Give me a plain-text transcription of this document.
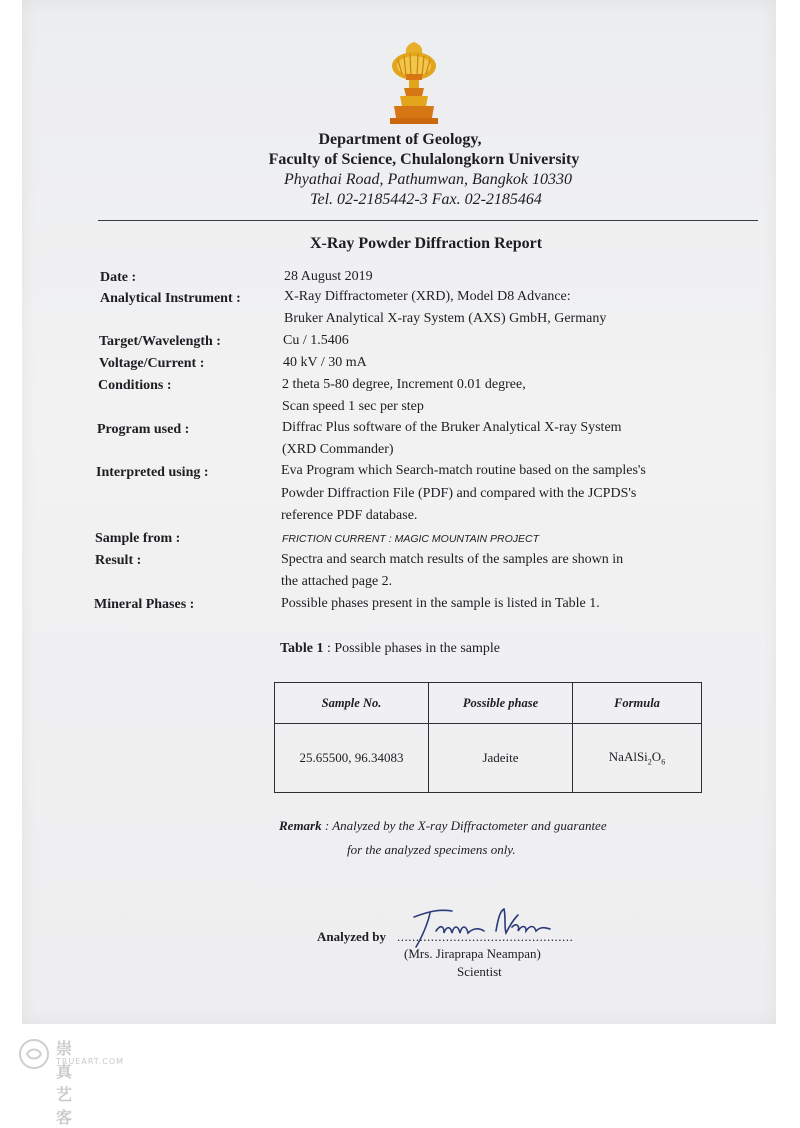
Department of Geology,
Faculty of Science, Chulalongkorn University
Phyathai Road, Pathumwan, Bangkok 10330
Tel. 02-2185442-3 Fax. 02-2185464
X-Ray Powder Diffraction Report
Date :	28 August 2019
Analytical Instrument :	X-Ray Diffractometer (XRD), Model D8 Advance:
Bruker Analytical X-ray System (AXS) GmbH, Germany
Target/Wavelength :	Cu / 1.5406
Voltage/Current :	40 kV / 30 mA
Conditions :	2 theta 5-80 degree, Increment 0.01 degree,
Scan speed 1 sec per step
Program used :	Diffrac Plus software of the Bruker Analytical X-ray System
(XRD Commander)
Interpreted using :	Eva Program which Search-match routine based on the samples's
Powder Diffraction File (PDF) and compared with the JCPDS's
reference PDF database.
Sample from :	FRICTION CURRENT : MAGIC MOUNTAIN PROJECT
Result :	Spectra and search match results of the samples are shown in
the attached page 2.
Mineral Phases :	Possible phases present in the sample is listed in Table 1.
Table 1 : Possible phases in the sample
Sample No.	Possible phase	Formula
25.65500, 96.34083	Jadeite	$NaAlSi_2O_6$
Remark : Analyzed by the X-ray Diffractometer and guarantee
for the analyzed specimens only.
Analyzed by ...............................................
(Mrs. Jiraprapa Neampan)
Scientist
崇真艺客
TRUEART.COM
